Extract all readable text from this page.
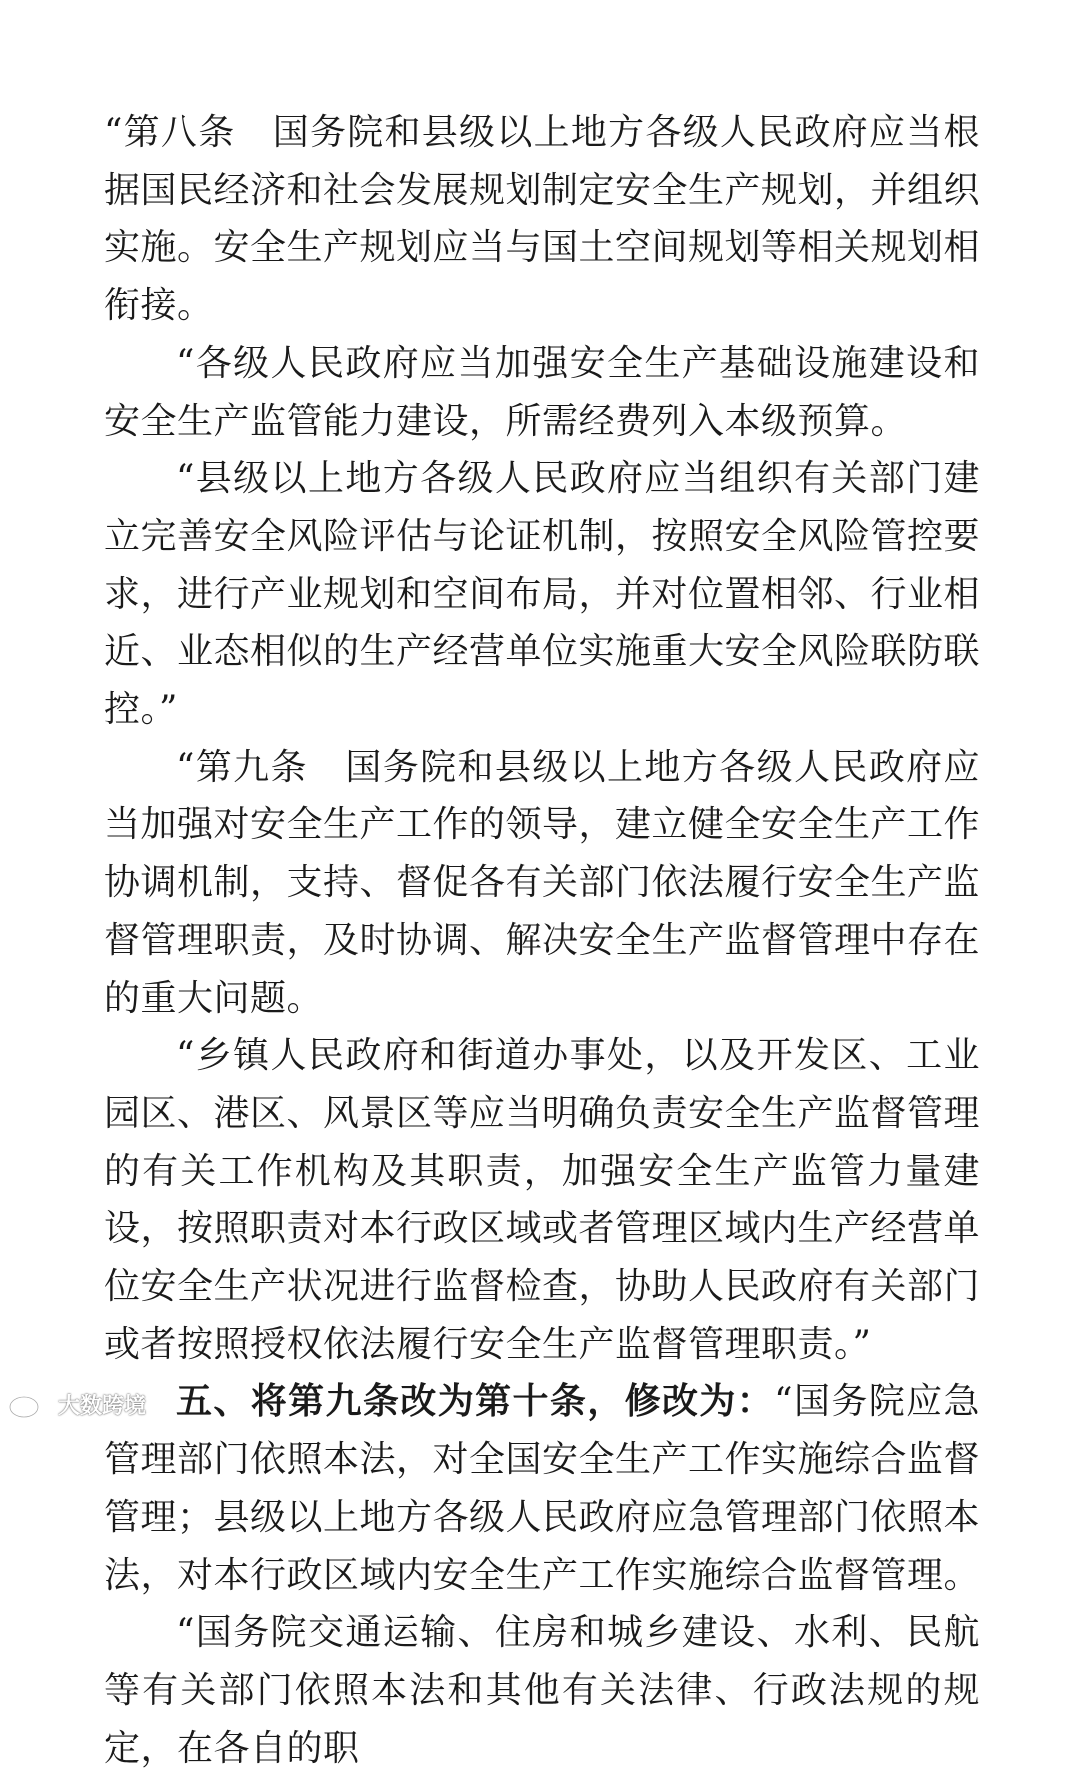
“第八条　国务院和县级以上地方各级人民政府应当根据国民经济和社会发展规划制定安全生产规划，并组织实施。安全生产规划应当与国土空间规划等相关规划相衔接。

“各级人民政府应当加强安全生产基础设施建设和安全生产监管能力建设，所需经费列入本级预算。

“县级以上地方各级人民政府应当组织有关部门建立完善安全风险评估与论证机制，按照安全风险管控要求，进行产业规划和空间布局，并对位置相邻、行业相近、业态相似的生产经营单位实施重大安全风险联防联控。”

“第九条　国务院和县级以上地方各级人民政府应当加强对安全生产工作的领导，建立健全安全生产工作协调机制，支持、督促各有关部门依法履行安全生产监督管理职责，及时协调、解决安全生产监督管理中存在的重大问题。

“乡镇人民政府和街道办事处，以及开发区、工业园区、港区、风景区等应当明确负责安全生产监督管理的有关工作机构及其职责，加强安全生产监管力量建设，按照职责对本行政区域或者管理区域内生产经营单位安全生产状况进行监督检查，协助人民政府有关部门或者按照授权依法履行安全生产监督管理职责。”

五、将第九条改为第十条，修改为：“国务院应急管理部门依照本法，对全国安全生产工作实施综合监督管理；县级以上地方各级人民政府应急管理部门依照本法，对本行政区域内安全生产工作实施综合监督管理。

“国务院交通运输、住房和城乡建设、水利、民航等有关部门依照本法和其他有关法律、行政法规的规定，在各自的职

大数跨境
